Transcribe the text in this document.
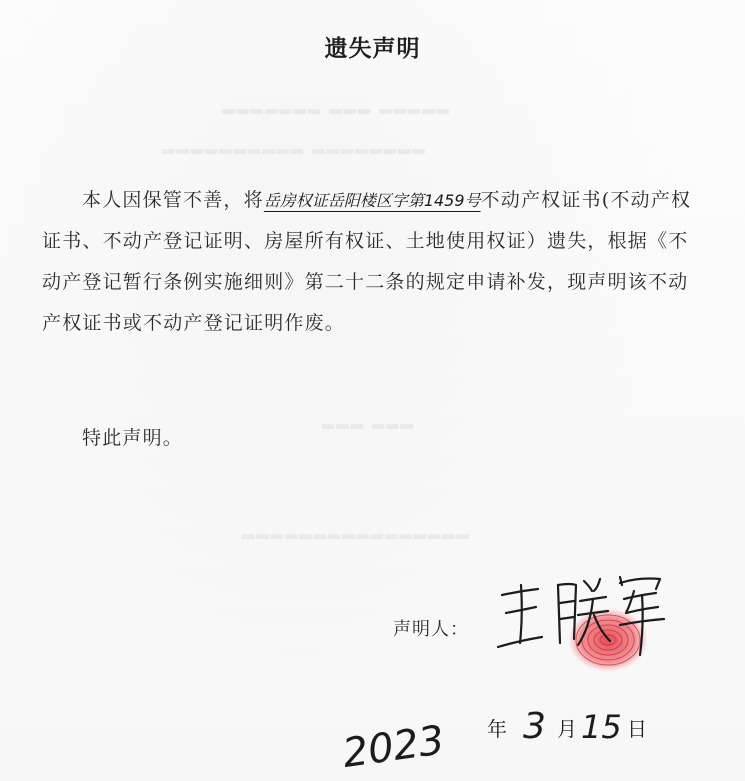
▂▂▂▂▂ ▂▂▂ ▂▂▂▂▂▂▂
▂▂▂▂▂▂▂▂ ▂▂▂▂▂▂▂▂▂▂
▂▂▂ ▂▂▂
▂▂▂▂▂▂▂▂▂▂▂▂▂▂▂▂
遗失声明

本人因保管不善，将岳房权证岳阳楼区字第1459号不动产权证书(不动产权证书、不动产登记证明、房屋所有权证、土地使用权证）遗失，根据《不动产登记暂行条例实施细则》第二十二条的规定申请补发，现声明该不动产权证书或不动产登记证明作废。

特此声明。
声明人：
2023 年 3 月 15 日
